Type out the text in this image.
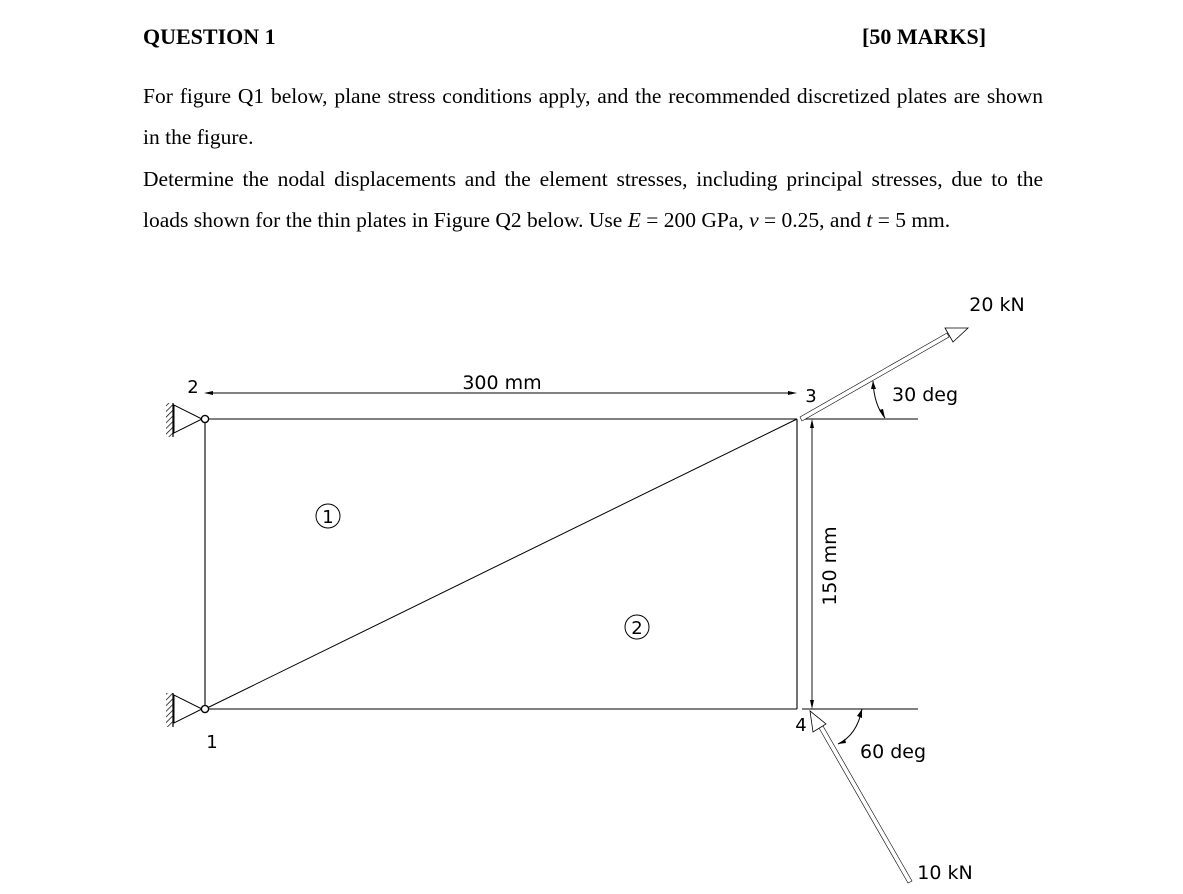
QUESTION 1	[50 MARKS]
For figure Q1 below, plane stress conditions apply, and the recommended discretized plates are shown in the figure.
Determine the nodal displacements and the element stresses, including principal stresses, due to the loads shown for the thin plates in Figure Q2 below. Use E = 200 GPa, v = 0.25, and t = 5 mm.
300 mm
150 mm
1
2	3
4
1
2
20 kN
30 deg
10 kN
60 deg
